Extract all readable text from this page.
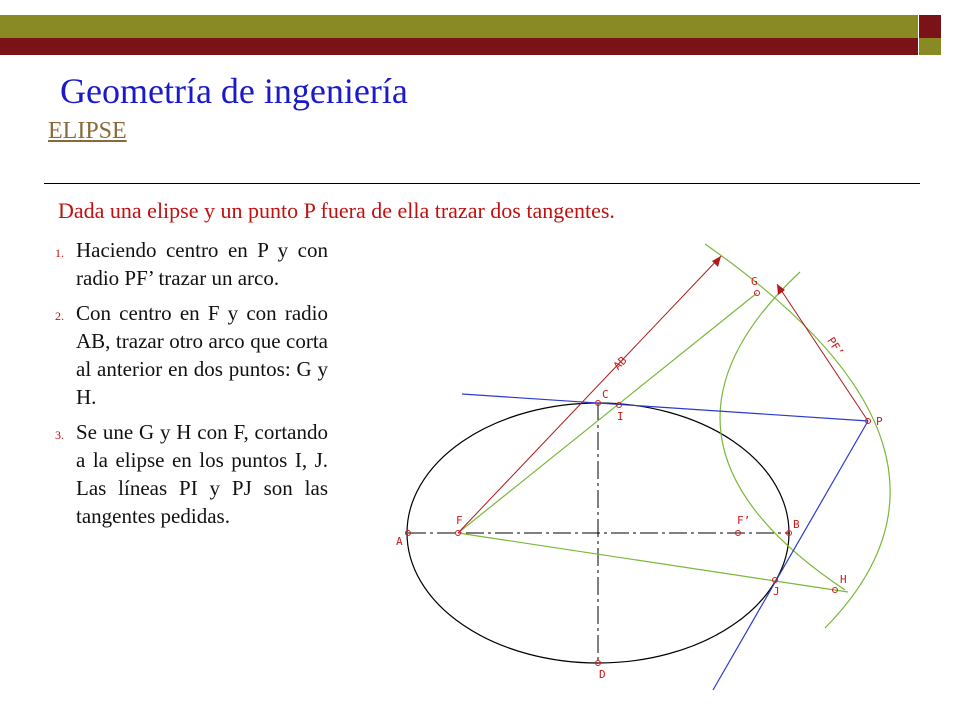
Geometría de ingeniería
ELIPSE
Dada una elipse y un punto P fuera de ella trazar dos tangentes.
1. Haciendo centro en P y con radio PF’ trazar un arco.
2. Con centro en F y con radio AB, trazar otro arco que corta al anterior en dos puntos: G y H.
3. Se une G y H con F, cortando a la elipse en los puntos I, J. Las líneas PI y PJ son las tangentes pedidas.
AB
PF’
A
B
C
D
F	F’
G
H
I
J
P
